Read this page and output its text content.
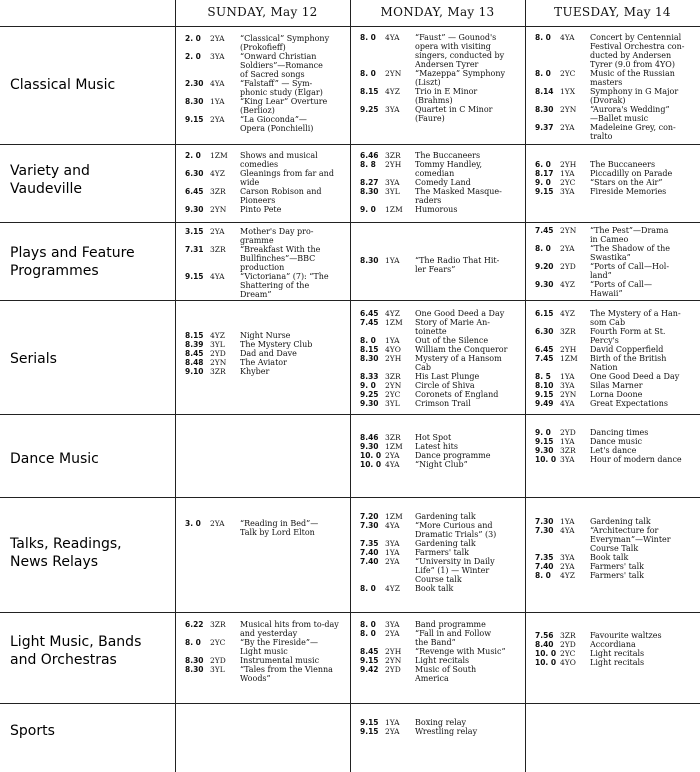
SUNDAY, May 12	MONDAY, May 13	TUESDAY, May 14
Classical Music
2. 0 2YA “Classical” Symphony
(Prokofieff)
2. 0 3YA “Onward Christian
Soldiers”—Romance
of Sacred songs
2.30 4YA “Falstaff” — Sym-
phonic study (Elgar)
8.30 1YA “King Lear” Overture
(Berlioz)
9.15 2YA “La Gioconda”—
Opera (Ponchielli)
8. 0 4YA “Faust” — Gounod's
opera with visiting
singers, conducted by
Andersen Tyrer
8. 0 2YN “Mazeppa” Symphony
(Liszt)
8.15 4YZ Trio in E Minor
(Brahms)
9.25 3YA Quartet in C Minor
(Faure)
8. 0 4YA Concert by Centennial
Festival Orchestra con-
ducted by Andersen
Tyrer (9.0 from 4YO)
8. 0 2YC Music of the Russian
masters
8.14 1YX Symphony in G Major
(Dvorak)
8.30 2YN “Aurora's Wedding”
—Ballet music
9.37 2YA Madeleine Grey, con-
tralto
Variety and
Vaudeville
2. 0 1ZM Shows and musical
comedies
6.30 4YZ Gleanings from far and
wide
6.45 3ZR Carson Robison and
Pioneers
9.30 2YN Pinto Pete
6.46 3ZR The Buccaneers
8. 8 2YH Tommy Handley,
comedian
8.27 3YA Comedy Land
8.30 3YL The Masked Masque-
raders
9. 0 1ZM Humorous
6. 0 2YH The Buccaneers
8.17 1YA Piccadilly on Parade
9. 0 2YC “Stars on the Air”
9.15 3YA Fireside Memories
Plays and Feature
Programmes
3.15 2YA Mother's Day pro-
gramme
7.31 3ZR “Breakfast With the
Bullfinches”—BBC
production
9.15 4YA “Victoriana” (7): “The
Shattering of the
Dream”
8.30 1YA “The Radio That Hit-
ler Fears”
7.45 2YN “The Pest”—Drama
in Cameo
8. 0 2YA “The Shadow of the
Swastika”
9.20 2YD “Ports of Call—Hol-
land”
9.30 4YZ “Ports of Call—
Hawaii”
Serials
8.15 4YZ Night Nurse
8.39 3YL The Mystery Club
8.45 2YD Dad and Dave
8.48 2YN The Aviator
9.10 3ZR Khyber
6.45 4YZ One Good Deed a Day
7.45 1ZM Story of Marie An-
toinette
8. 0 1YA Out of the Silence
8.15 4YO William the Conqueror
8.30 2YH Mystery of a Hansom
Cab
8.33 3ZR His Last Plunge
9. 0 2YN Circle of Shiva
9.25 2YC Coronets of England
9.30 3YL Crimson Trail
6.15 4YZ The Mystery of a Han-
som Cab
6.30 3ZR Fourth Form at St.
Percy's
6.45 2YH David Copperfield
7.45 1ZM Birth of the British
Nation
8. 5 1YA One Good Deed a Day
8.10 3YA Silas Marner
9.15 2YN Lorna Doone
9.49 4YA Great Expectations
Dance Music
8.46 3ZR Hot Spot
9.30 1ZM Latest hits
10. 0 2YA Dance programme
10. 0 4YA “Night Club”
9. 0 2YD Dancing times
9.15 1YA Dance music
9.30 3ZR Let's dance
10. 0 3YA Hour of modern dance
Talks, Readings,
News Relays
3. 0 2YA “Reading in Bed”—
Talk by Lord Elton
7.20 1ZM Gardening talk
7.30 4YA “More Curious and
Dramatic Trials” (3)
7.35 3YA Gardening talk
7.40 1YA Farmers' talk
7.40 2YA “University in Daily
Life” (1) — Winter
Course talk
8. 0 4YZ Book talk
7.30 1YA Gardening talk
7.30 4YA “Architecture for
Everyman”—Winter
Course Talk
7.35 3YA Book talk
7.40 2YA Farmers' talk
8. 0 4YZ Farmers' talk
Light Music, Bands
and Orchestras
6.22 3ZR Musical hits from to-day
and yesterday
8. 0 2YC “By the Fireside”—
Light music
8.30 2YD Instrumental music
8.30 3YL “Tales from the Vienna
Woods”
8. 0 3YA Band programme
8. 0 2YA “Fall in and Follow
the Band”
8.45 2YH “Revenge with Music”
9.15 2YN Light recitals
9.42 2YD Music of South
America
7.56 3ZR Favourite waltzes
8.40 2YD Accordiana
10. 0 2YC Light recitals
10. 0 4YO Light recitals
Sports
9.15 1YA Boxing relay
9.15 2YA Wrestling relay
